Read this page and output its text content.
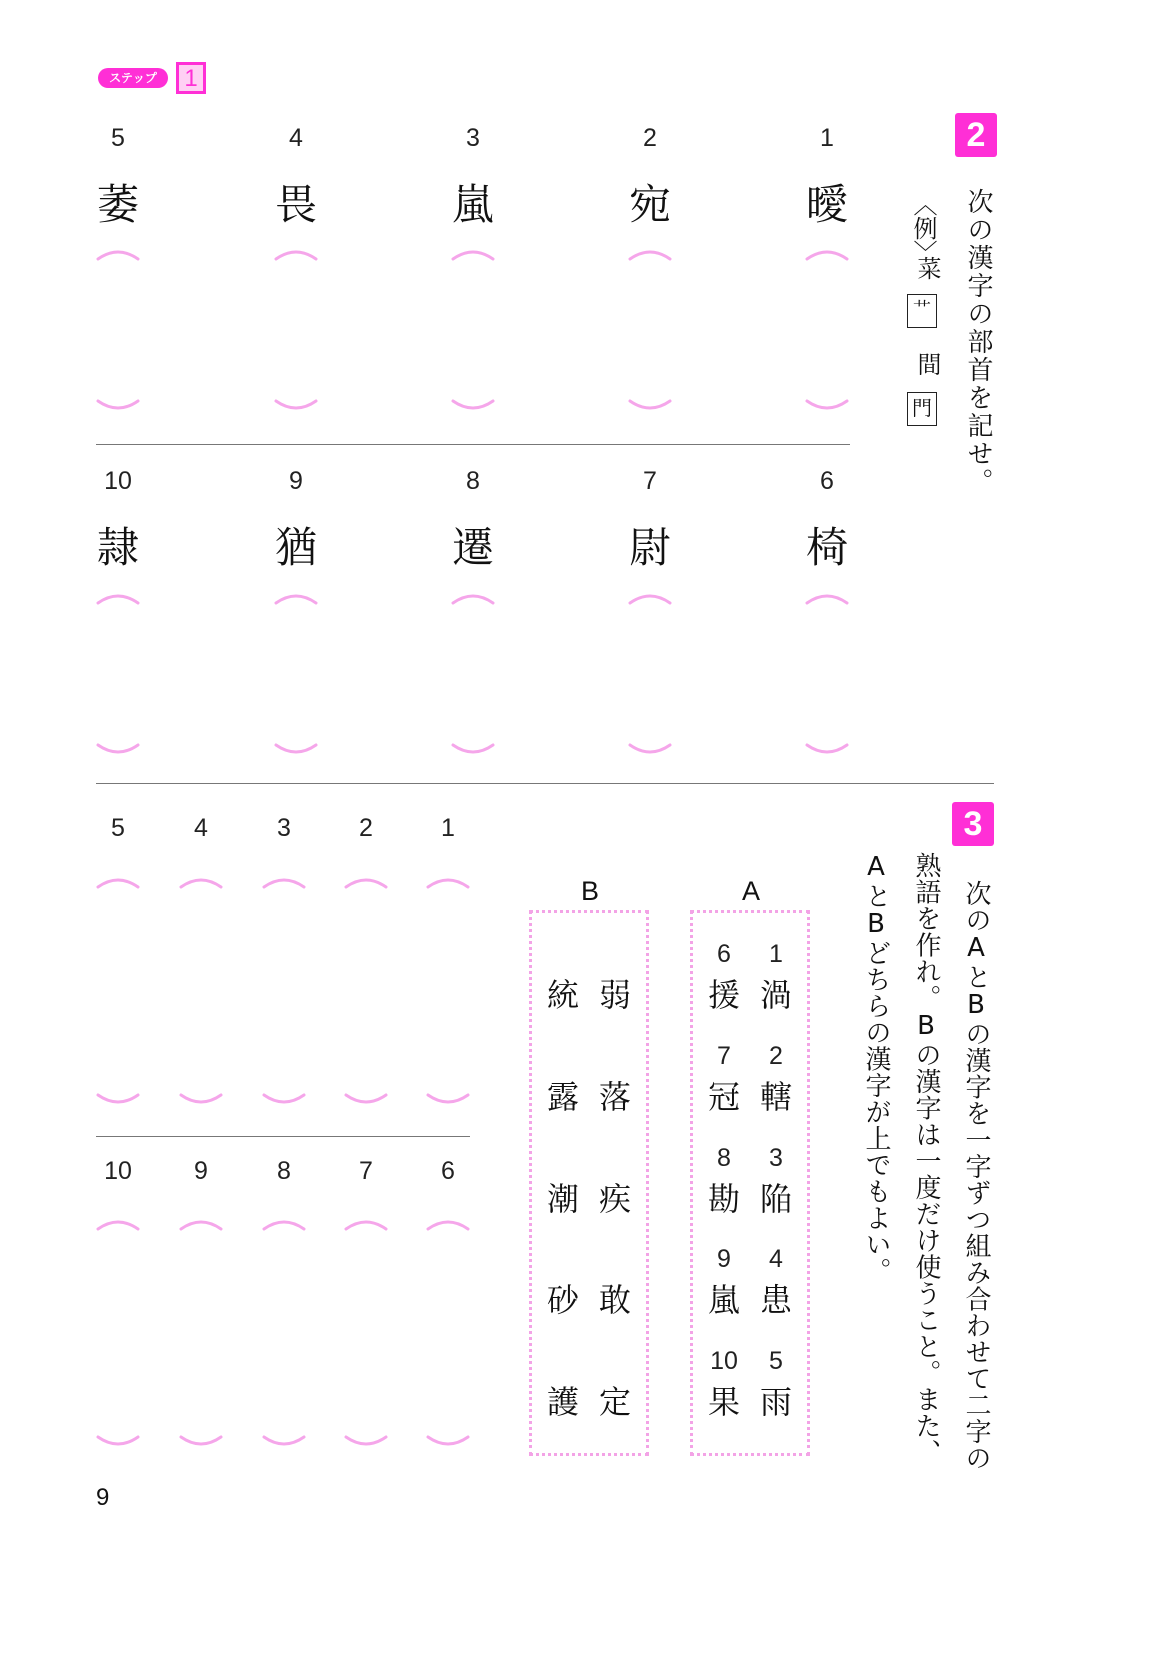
ステップ	1
2
次の漢字の部首を記せ。
〈例〉
菜
艹
間
門
1
曖
2
宛
3
嵐
4
畏
5
萎
6
椅
7
尉
8
遷
9
猶
10
隷
3
次のAとBの漢字を一字ずつ組み合わせて二字の
熟語を作れ。Bの漢字は一度だけ使うこと。また、
AとBどちらの漢字が上でもよい。
A
B
1
渦
2
轄
3
陥
4
患
5
雨
6
援
7
冠
8
勘
9
嵐
10
果
弱
落
疾
敢
定
統
露
潮
砂
護
1
2
3
4
5
6
7
8
9
10
9
